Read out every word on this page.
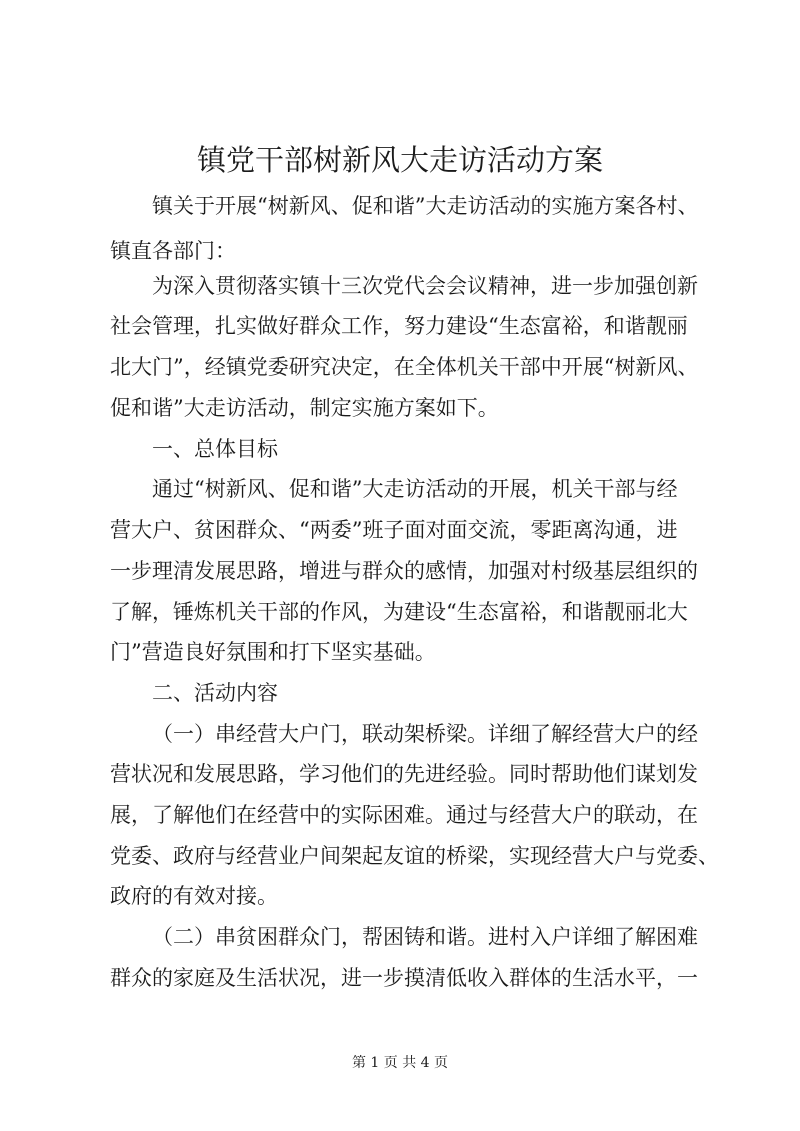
镇党干部树新风大走访活动方案

镇关于开展“树新风、促和谐”大走访活动的实施方案各村、

镇直各部门：

为深入贯彻落实镇十三次党代会会议精神，进一步加强创新

社会管理，扎实做好群众工作，努力建设“生态富裕，和谐靓丽

北大门”，经镇党委研究决定，在全体机关干部中开展“树新风、

促和谐”大走访活动，制定实施方案如下。

一、总体目标

通过“树新风、促和谐”大走访活动的开展，机关干部与经

营大户、贫困群众、“两委”班子面对面交流，零距离沟通，进

一步理清发展思路，增进与群众的感情，加强对村级基层组织的

了解，锤炼机关干部的作风，为建设“生态富裕，和谐靓丽北大

门”营造良好氛围和打下坚实基础。

二、活动内容

（一）串经营大户门，联动架桥梁。详细了解经营大户的经

营状况和发展思路，学习他们的先进经验。同时帮助他们谋划发

展，了解他们在经营中的实际困难。通过与经营大户的联动，在

党委、政府与经营业户间架起友谊的桥梁，实现经营大户与党委、

政府的有效对接。

（二）串贫困群众门，帮困铸和谐。进村入户详细了解困难

群众的家庭及生活状况，进一步摸清低收入群体的生活水平，一

第 1 页 共 4 页
